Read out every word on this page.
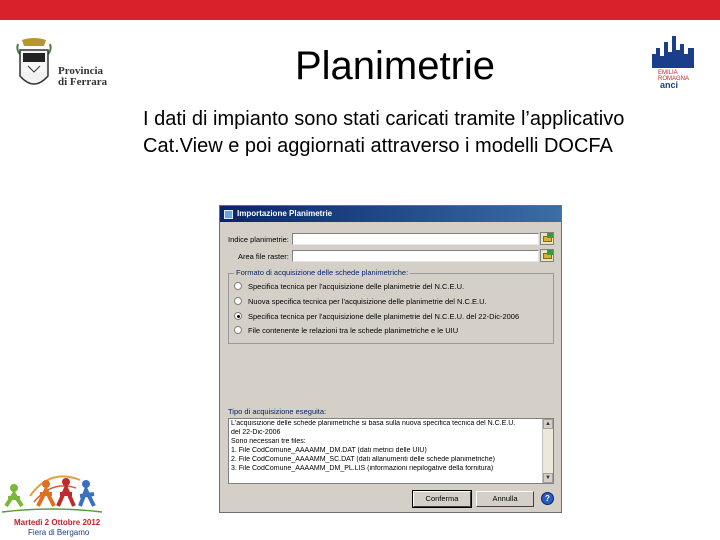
Provincia
di Ferrara
EMILIA ROMAGNA
anci
Planimetrie
I dati di impianto sono stati caricati tramite l’applicativo Cat.View e poi aggiornati attraverso i modelli DOCFA
Martedì 2 Ottobre 2012
Fiera di Bergamo
Importazione Planimetrie
Indice planimetrie:
Area file raster:
Formato di acquisizione delle schede planimetriche:
Specifica tecnica per l'acquisizione delle planimetrie del N.C.E.U.
Nuova specifica tecnica per l'acquisizione delle planimetrie del N.C.E.U.
Specifica tecnica per l'acquisizione delle planimetrie del N.C.E.U. del 22-Dic-2006
File contenente le relazioni tra le schede planimetriche e le UIU
Tipo di acquisizione eseguita:
L'acquisizione delle schede planimetriche si basa sulla nuova specifica tecnica del N.C.E.U.
del 22-Dic-2006
Sono necessari tre files:
1. File CodComune_AAAAMM_DM.DAT (dati metrici delle UIU)
2. File CodComune_AAAAMM_SC.DAT (dati allanumenti delle schede planimetriche)
3. File CodComune_AAAAMM_DM_PL.LIS (informazioni riepilogative della fornitura)
▲
▼
Conferma	Annulla	?
